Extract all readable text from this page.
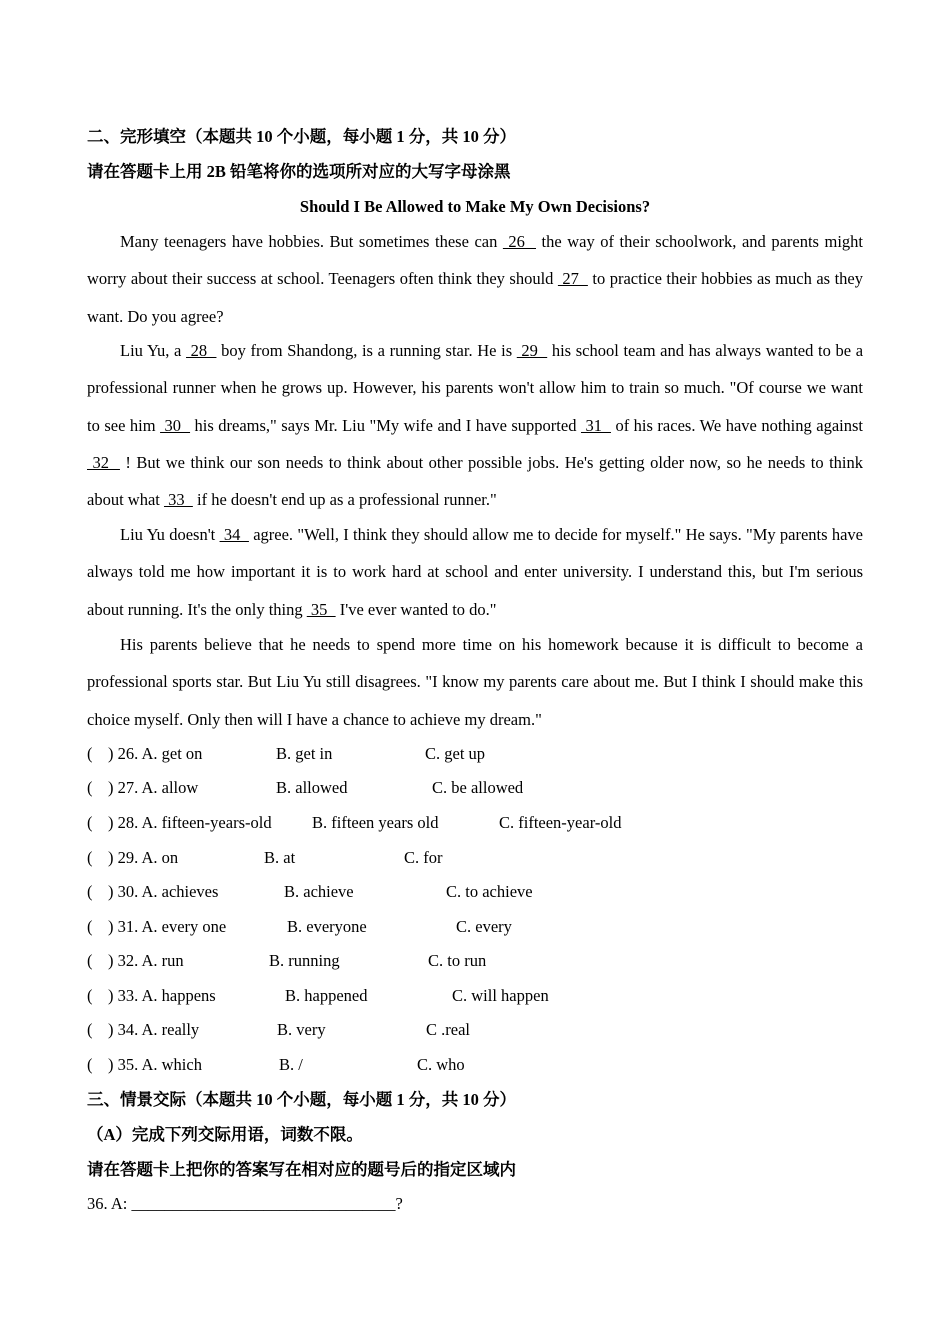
二、完形填空（本题共 10 个小题，每小题 1 分，共 10 分）
请在答题卡上用 2B 铅笔将你的选项所对应的大写字母涂黑
Should I Be Allowed to Make My Own Decisions?
Many teenagers have hobbies. But sometimes these can  26   the way of their schoolwork, and parents might worry about their success at school. Teenagers often think they should  27   to practice their hobbies as much as they want. Do you agree?
Liu Yu, a  28   boy from Shandong, is a running star. He is  29   his school team and has always wanted to be a professional runner when he grows up. However, his parents won't allow him to train so much. "Of course we want to see him  30   his dreams," says Mr. Liu "My wife and I have supported  31   of his races. We have nothing against  32   ! But we think our son needs to think about other possible jobs. He's getting older now, so he needs to think about what  33   if he doesn't end up as a professional runner."
Liu Yu doesn't  34   agree. "Well, I think they should allow me to decide for myself." He says. "My parents have always told me how important it is to work hard at school and enter university. I understand this, but I'm serious about running. It's the only thing  35   I've ever wanted to do."
His parents believe that he needs to spend more time on his homework because it is difficult to become a professional sports star. But Liu Yu still disagrees. "I know my parents care about me. But I think I should make this choice myself. Only then will I have a chance to achieve my dream."
( ) 26. A. get on	B. get in	C. get up
( ) 27. A. allow	B. allowed	C. be allowed
( ) 28. A. fifteen-years-old B. fifteen years old	C. fifteen-year-old
( ) 29. A. on	B. at	C. for
( ) 30. A. achieves	B. achieve	C. to achieve
( ) 31. A. every one	B. everyone	C. every
( ) 32. A. run	B. running	C. to run
( ) 33. A. happens	B. happened	C. will happen
( ) 34. A. really	B. very	C .real
( ) 35. A. which	B. /	C. who
三、情景交际（本题共 10 个小题，每小题 1 分，共 10 分）
（A）完成下列交际用语，词数不限。
请在答题卡上把你的答案写在相对应的题号后的指定区域内
36. A: ________________________________?
